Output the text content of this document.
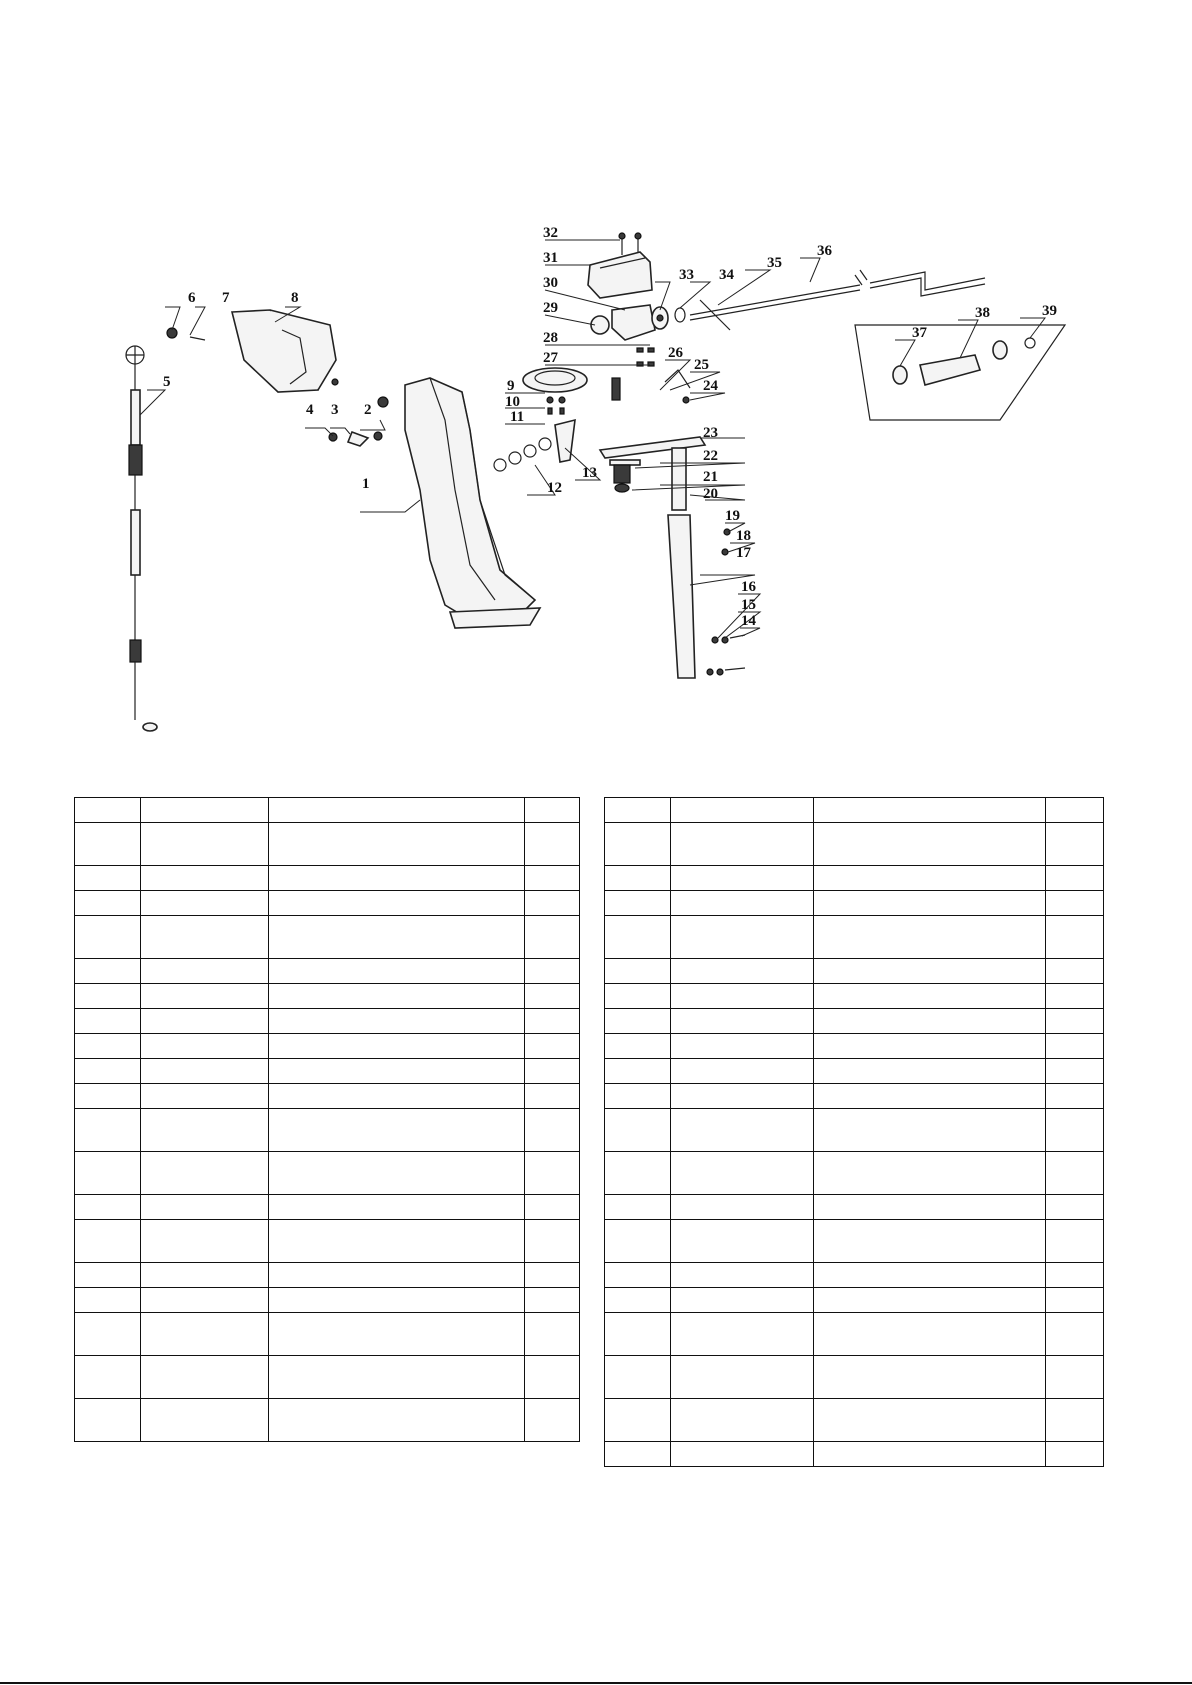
1
2
3
4
5
6 7	8
9
10
11
12
13
14
15
16
17
18
19
20
21
22
23
24
25
26
27
28
29
30
31
32
33 34
35
36
37
38	39
